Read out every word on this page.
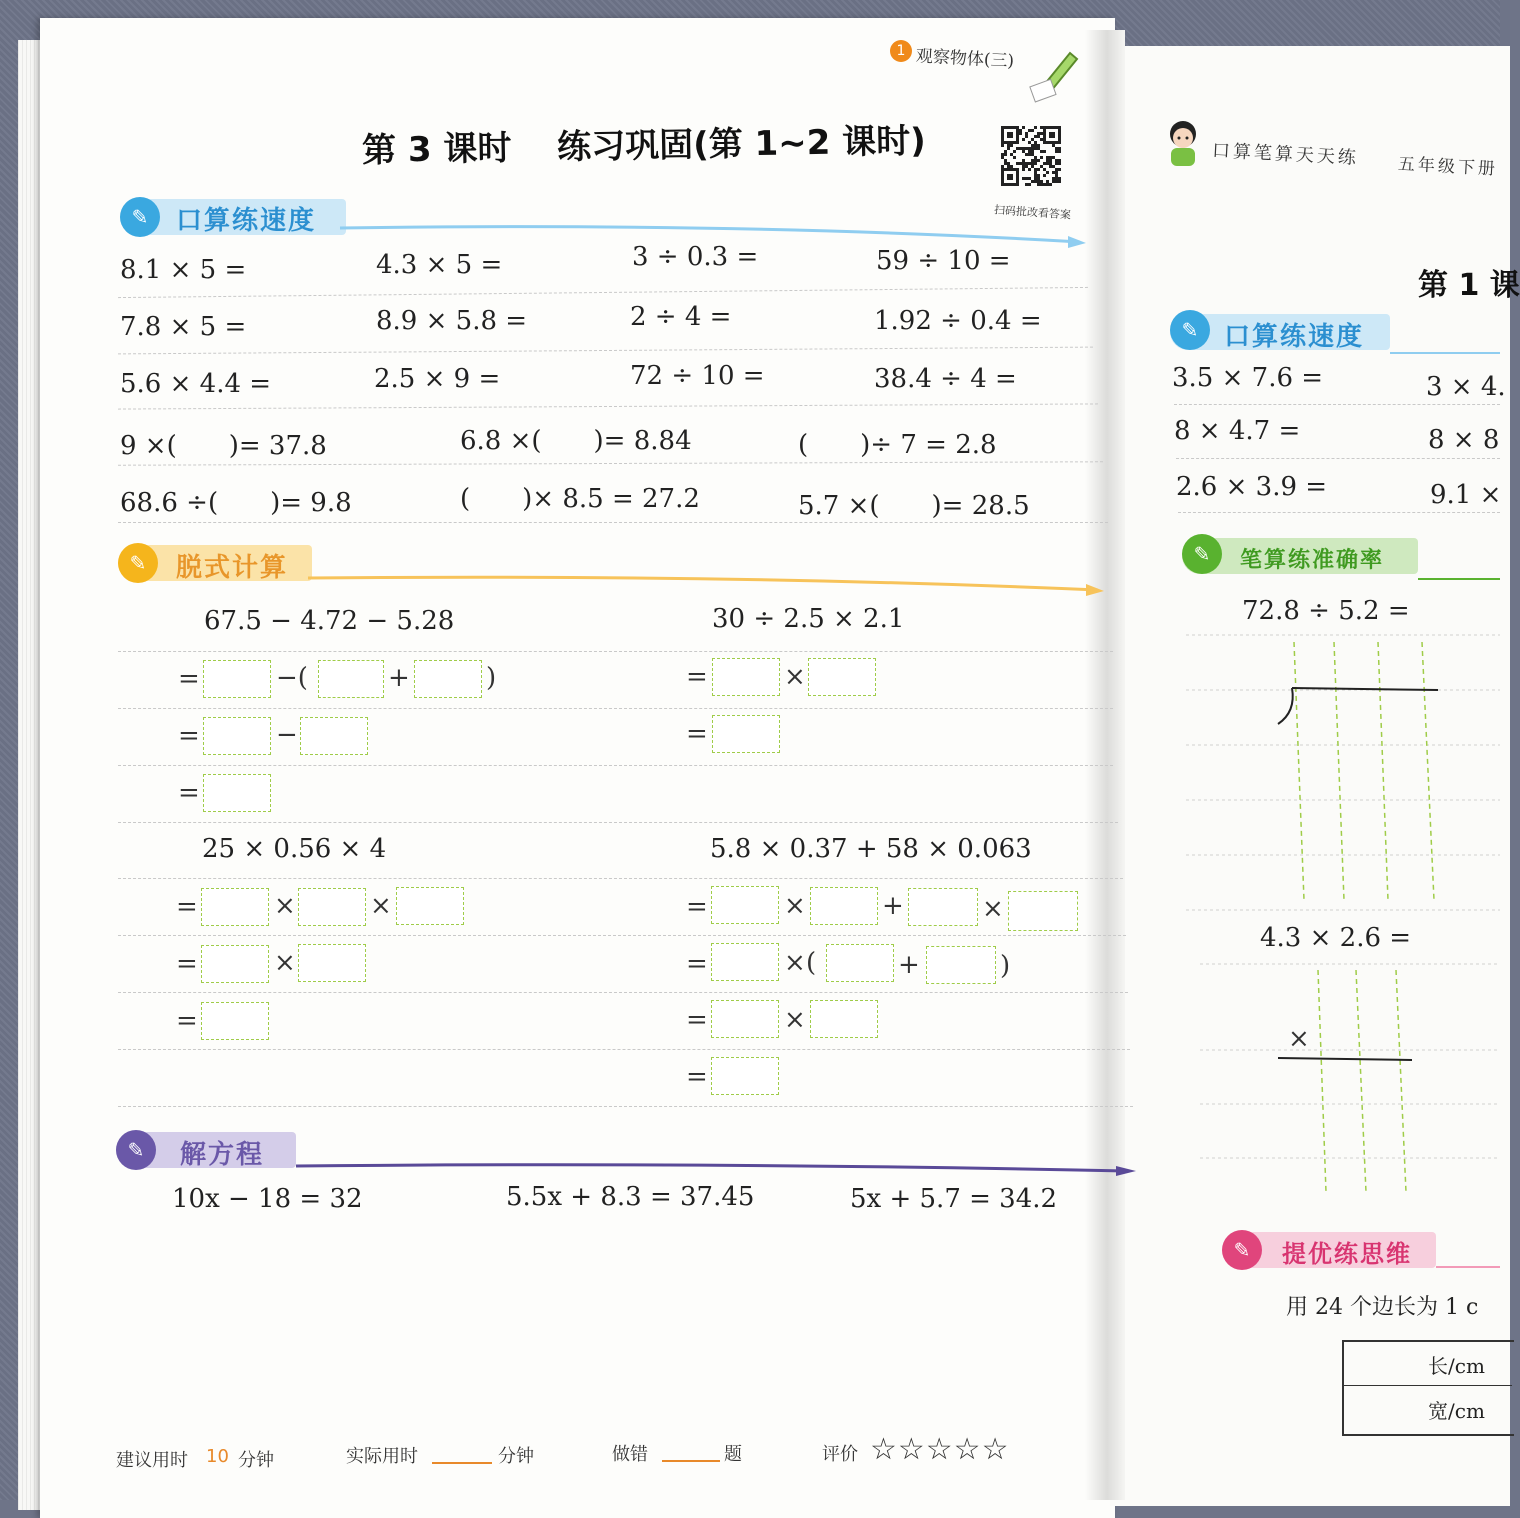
1 观察物体(三)
第 3 课时 　练习巩固(第 1~2 课时)
扫码批改看答案
✎	口算练速度
8.1 × 5 =	4.3 × 5 =	3 ÷ 0.3 =	59 ÷ 10 =
7.8 × 5 =	8.9 × 5.8 =	2 ÷ 4 =	1.92 ÷ 0.4 =
5.6 × 4.4 =	2.5 × 9 =	72 ÷ 10 =	38.4 ÷ 4 =
9 ×(　　)= 37.8	6.8 ×(　　)= 8.84	(　　)÷ 7 = 2.8
68.6 ÷(　　)= 9.8	(　　)× 8.5 = 27.2	5.7 ×(　　)= 28.5
✎	脱式计算
67.5 − 4.72 − 5.28
=	−(	+	)
=	−
=
30 ÷ 2.5 × 2.1
=	×
=
25 × 0.56 × 4
=	×	×
=	×
=
5.8 × 0.37 + 58 × 0.063
=	×	+	×
=	× (	+	)
=	×
=
✎	解方程
10x − 18 = 32	5.5x + 8.3 = 37.45	5x + 5.7 = 34.2
建议用时 10 分钟	实际用时	分钟	做错	题	评价 ☆☆☆☆☆
口算笔算天天练 五年级下册
第 1 课
✎ 口算练速度
3.5 × 7.6 =	3 × 4.
8 × 4.7 =	8 × 8
2.6 × 3.9 =	9.1 ×
✎	笔算练准确率
72.8 ÷ 5.2 =
4.3 × 2.6 =
×
✎	提优练思维
用 24 个边长为 1 c
长/cm
宽/cm
